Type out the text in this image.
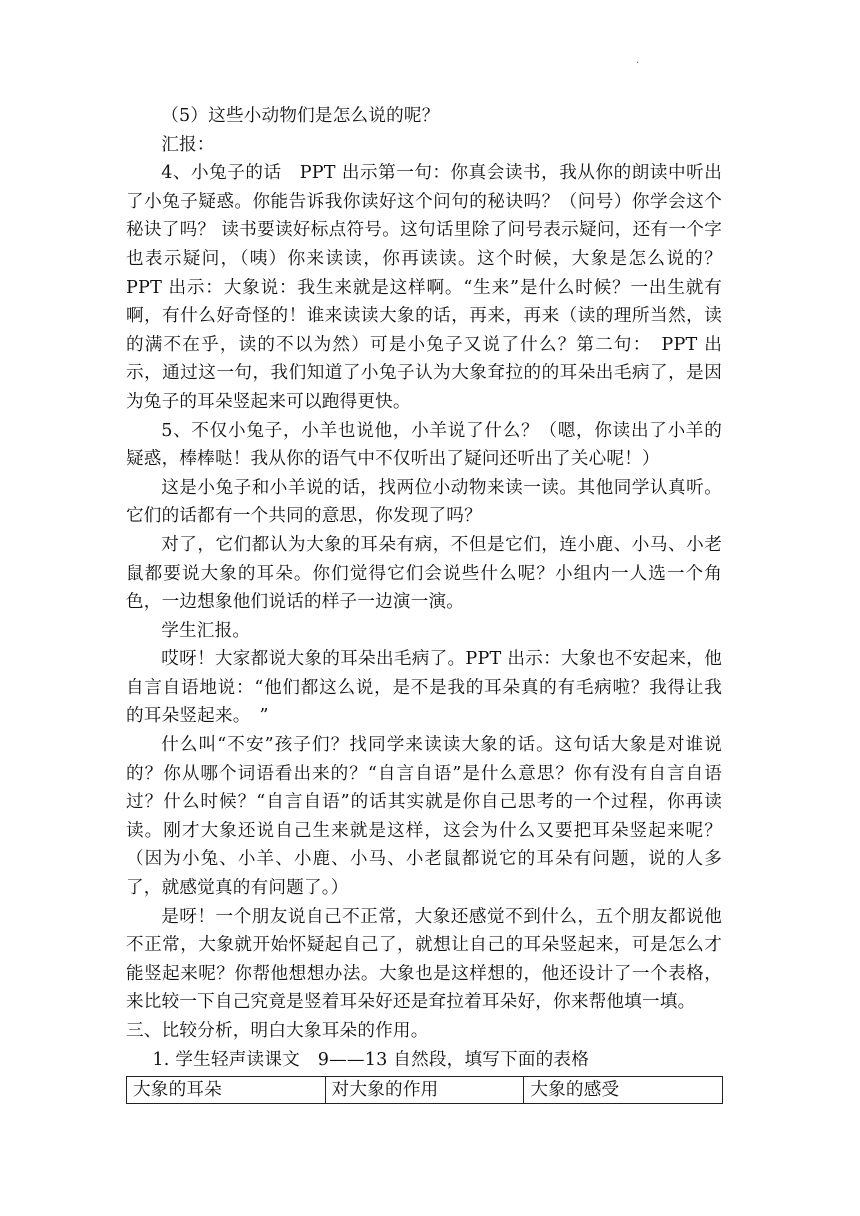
·

（5）这些小动物们是怎么说的呢？

汇报：

4、小兔子的话　PPT 出示第一句：你真会读书，我从你的朗读中听出了小兔子疑惑。你能告诉我你读好这个问句的秘诀吗？（问号）你学会这个秘诀了吗？ 读书要读好标点符号。这句话里除了问号表示疑问，还有一个字也表示疑问，（咦）你来读读，你再读读。这个时候，大象是怎么说的？PPT 出示：大象说：我生来就是这样啊。“生来”是什么时候？一出生就有啊，有什么好奇怪的！谁来读读大象的话，再来，再来（读的理所当然，读的满不在乎，读的不以为然）可是小兔子又说了什么？第二句：　PPT 出示，通过这一句，我们知道了小兔子认为大象耷拉的的耳朵出毛病了，是因为兔子的耳朵竖起来可以跑得更快。

5、不仅小兔子，小羊也说他，小羊说了什么？（嗯，你读出了小羊的疑惑，棒棒哒！我从你的语气中不仅听出了疑问还听出了关心呢！）

这是小兔子和小羊说的话，找两位小动物来读一读。其他同学认真听。它们的话都有一个共同的意思，你发现了吗？

对了，它们都认为大象的耳朵有病，不但是它们，连小鹿、小马、小老鼠都要说大象的耳朵。你们觉得它们会说些什么呢？小组内一人选一个角色，一边想象他们说话的样子一边演一演。

学生汇报。

哎呀！大家都说大象的耳朵出毛病了。PPT 出示：大象也不安起来，他自言自语地说：“他们都这么说，是不是我的耳朵真的有毛病啦？我得让我的耳朵竖起来。　”

什么叫“不安”孩子们？找同学来读读大象的话。这句话大象是对谁说的？你从哪个词语看出来的？“自言自语”是什么意思？你有没有自言自语过？什么时候？“自言自语”的话其实就是你自己思考的一个过程，你再读读。刚才大象还说自己生来就是这样，这会为什么又要把耳朵竖起来呢？（因为小兔、小羊、小鹿、小马、小老鼠都说它的耳朵有问题，说的人多了，就感觉真的有问题了。）

是呀！一个朋友说自己不正常，大象还感觉不到什么，五个朋友都说他不正常，大象就开始怀疑起自己了，就想让自己的耳朵竖起来，可是怎么才能竖起来呢？你帮他想想办法。大象也是这样想的，他还设计了一个表格，来比较一下自己究竟是竖着耳朵好还是耷拉着耳朵好，你来帮他填一填。

三、比较分析，明白大象耳朵的作用。

1. 学生轻声读课文　9——13 自然段，填写下面的表格

大象的耳朵	对大象的作用	大象的感受
